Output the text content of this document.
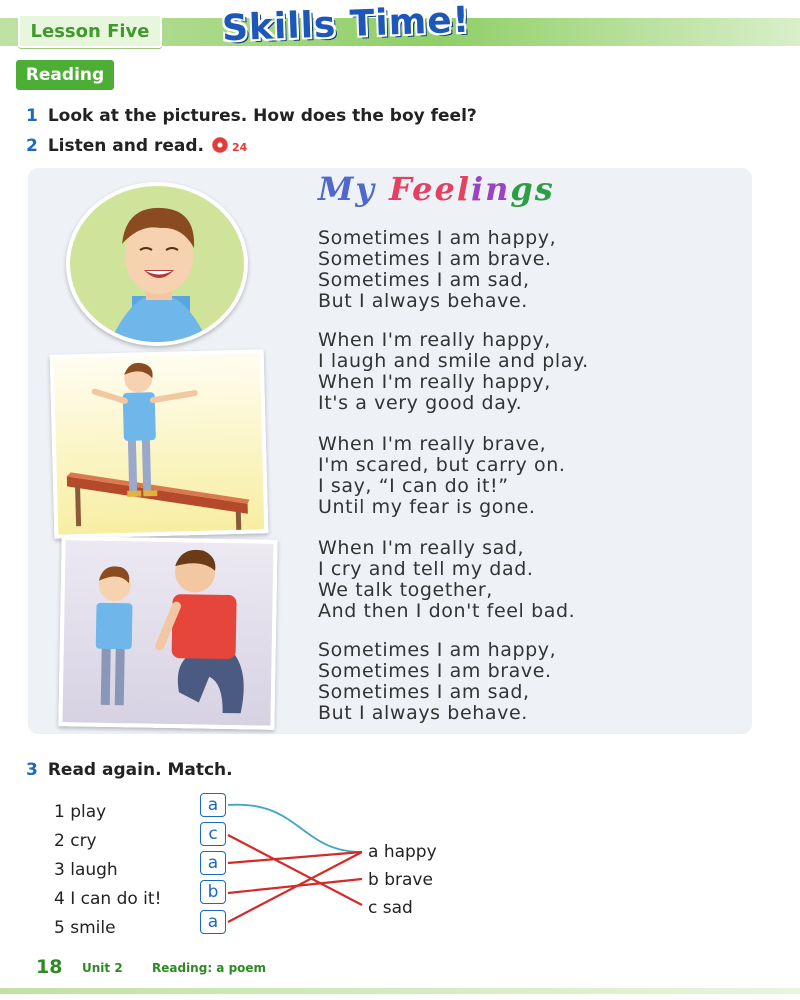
Lesson Five Skills Time!
Reading
1 Look at the pictures. How does the boy feel?
2 Listen and read.	24
My Feelings
Sometimes I am happy,
Sometimes I am brave.
Sometimes I am sad,
But I always behave.
When I'm really happy,
I laugh and smile and play.
When I'm really happy,
It's a very good day.
When I'm really brave,
I'm scared, but carry on.
I say, “I can do it!”
Until my fear is gone.
When I'm really sad,
I cry and tell my dad.
We talk together,
And then I don't feel bad.
Sometimes I am happy,
Sometimes I am brave.
Sometimes I am sad,
But I always behave.
3 Read again. Match.
1 play
2 cry
3 laugh
4 I can do it!
5 smile
a
c
a
b
a
a happy
b brave
c sad
18 Unit 2 Reading: a poem
